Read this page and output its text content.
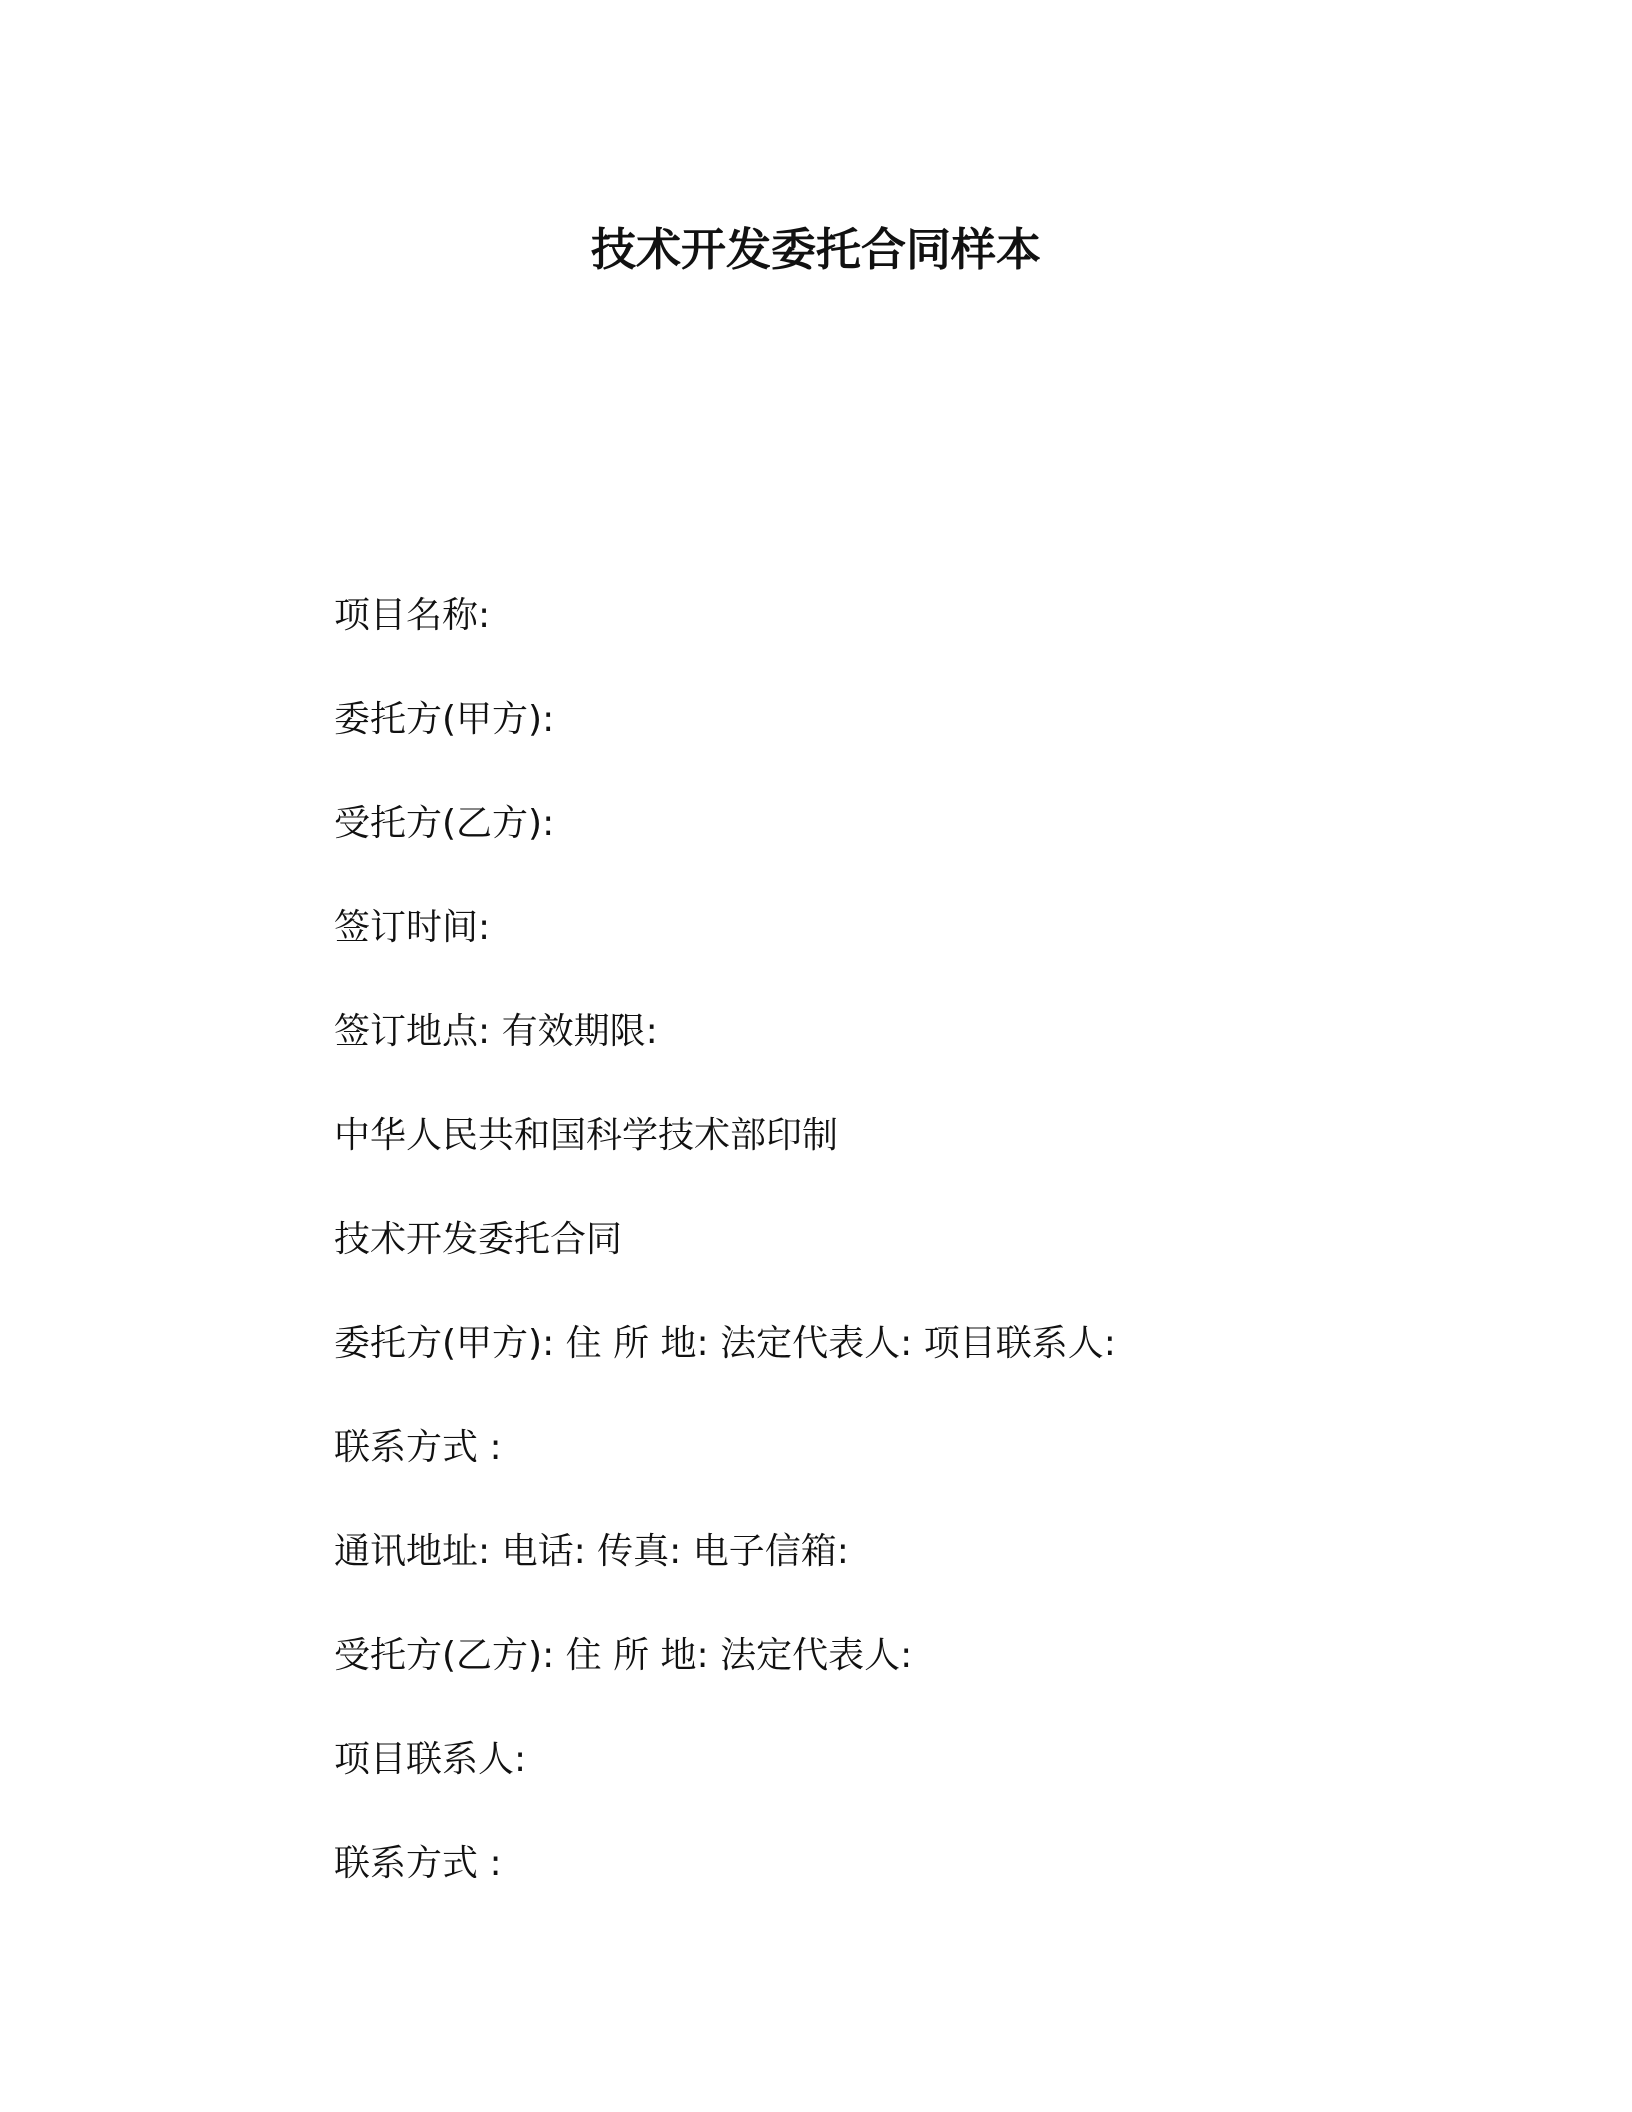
技术开发委托合同样本
项目名称:
委托方(甲方):
受托方(乙方):
签订时间:
签订地点: 有效期限:
中华人民共和国科学技术部印制
技术开发委托合同
委托方(甲方): 住 所 地: 法定代表人: 项目联系人:
联系方式 :
通讯地址: 电话: 传真: 电子信箱:
受托方(乙方): 住 所 地: 法定代表人:
项目联系人:
联系方式 :
